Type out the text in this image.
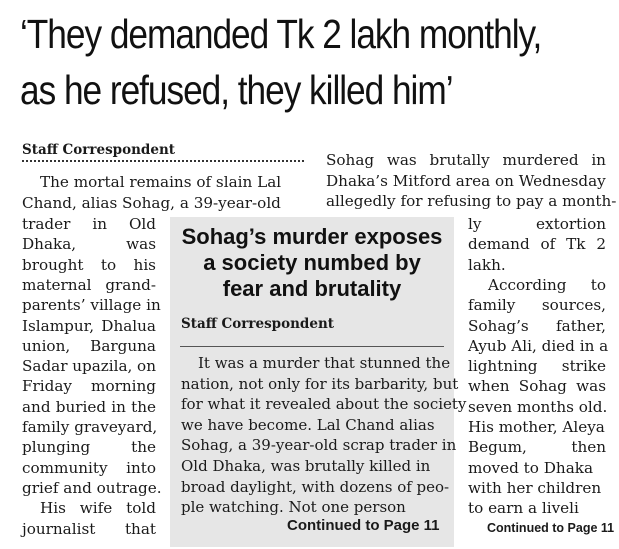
‘They demanded Tk 2 lakh monthly,
as he refused, they killed him’
Staff Correspondent
The mortal remains of slain Lal
Chand, alias Sohag, a 39-year-old
trader in Old
Dhaka,	was
brought to his
maternal grand-
parents’ village in
Islampur, Dhalua
union, Barguna
Sadar upazila, on
Friday morning
and buried in the
family graveyard,
plunging	the
community into
grief and outrage.
His wife told
journalist that
Sohag was brutally murdered in
Dhaka’s Mitford area on Wednesday
allegedly for refusing to pay a month-
ly	extortion
demand of Tk 2
lakh.
According to
family sources,
Sohag’s father,
Ayub Ali, died in a
lightning strike
when Sohag was
seven months old.
His mother, Aleya
Begum,	then
moved to Dhaka
with her children
to earn a liveli
Sohag’s murder exposes
a society numbed by
fear and brutality
Staff Correspondent
It was a murder that stunned the
nation, not only for its barbarity, but
for what it revealed about the society
we have become. Lal Chand alias
Sohag, a 39-year-old scrap trader in
Old Dhaka, was brutally killed in
broad daylight, with dozens of peo-
ple watching. Not one person
Continued to Page 11	Continued to Page 11
